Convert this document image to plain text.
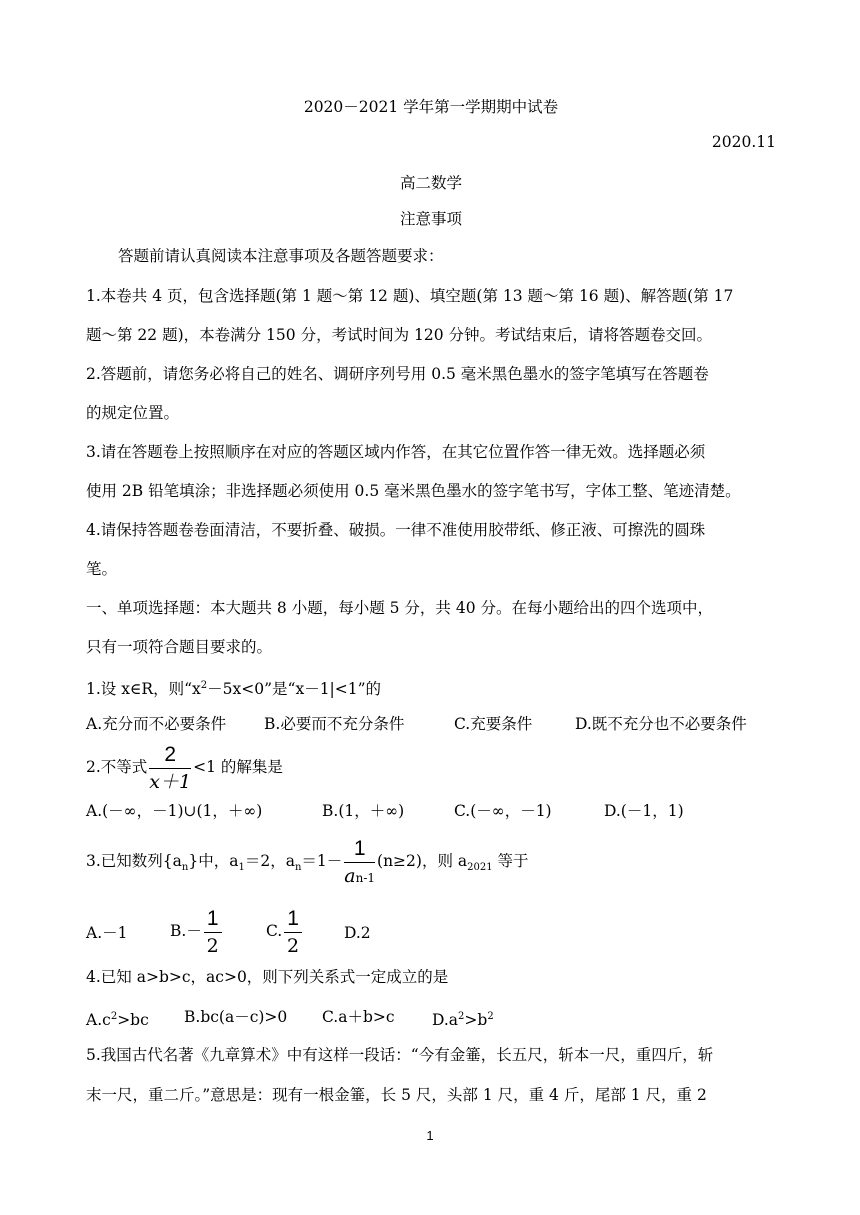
2020－2021 学年第一学期期中试卷
2020.11
高二数学
注意事项
答题前请认真阅读本注意事项及各题答题要求：
1.本卷共 4 页，包含选择题(第 1 题～第 12 题)、填空题(第 13 题～第 16 题)、解答题(第 17
题～第 22 题)，本卷满分 150 分，考试时间为 120 分钟。考试结束后，请将答题卷交回。
2.答题前，请您务必将自己的姓名、调研序列号用 0.5 毫米黑色墨水的签字笔填写在答题卷
的规定位置。
3.请在答题卷上按照顺序在对应的答题区域内作答，在其它位置作答一律无效。选择题必须
使用 2B 铅笔填涂；非选择题必须使用 0.5 毫米黑色墨水的签字笔书写，字体工整、笔迹清楚。
4.请保持答题卷卷面清洁，不要折叠、破损。一律不准使用胶带纸、修正液、可擦洗的圆珠
笔。
一、单项选择题：本大题共 8 小题，每小题 5 分，共 40 分。在每小题给出的四个选项中，
只有一项符合题目要求的。
1.设 x∈R，则“$x^2-5x<0$”是“x－1|<1”的
A.充分而不必要条件 B.必要而不充分条件	C.充要条件	D.既不充分也不必要条件
2.不等式 $\frac{2}{x+1} <1$ 的解集是
A.(－∞，－1)∪(1，＋∞)	B.(1，＋∞)	C.(－∞，－1)	D.(－1，1)
3.已知数列$\{a_n\}$中，$a_1=2$，$a_n=1- \frac{1}{an-1} (n\ge 2)$，则 $a_{2021}$ 等于
A.－1	$B.- \frac{1}{2}$	C. $\frac{1}{2}$	D.2
4.已知 a>b>c，ac>0，则下列关系式一定成立的是
$A.c^2>bc$ B.bc(a－c)>0 C.a＋b>c $D.a^2>b^2$
5.我国古代名著《九章算术》中有这样一段话：“今有金箠，长五尺，斩本一尺，重四斤，斩
末一尺，重二斤。”意思是：现有一根金箠，长 5 尺，头部 1 尺，重 4 斤，尾部 1 尺，重 2
1
